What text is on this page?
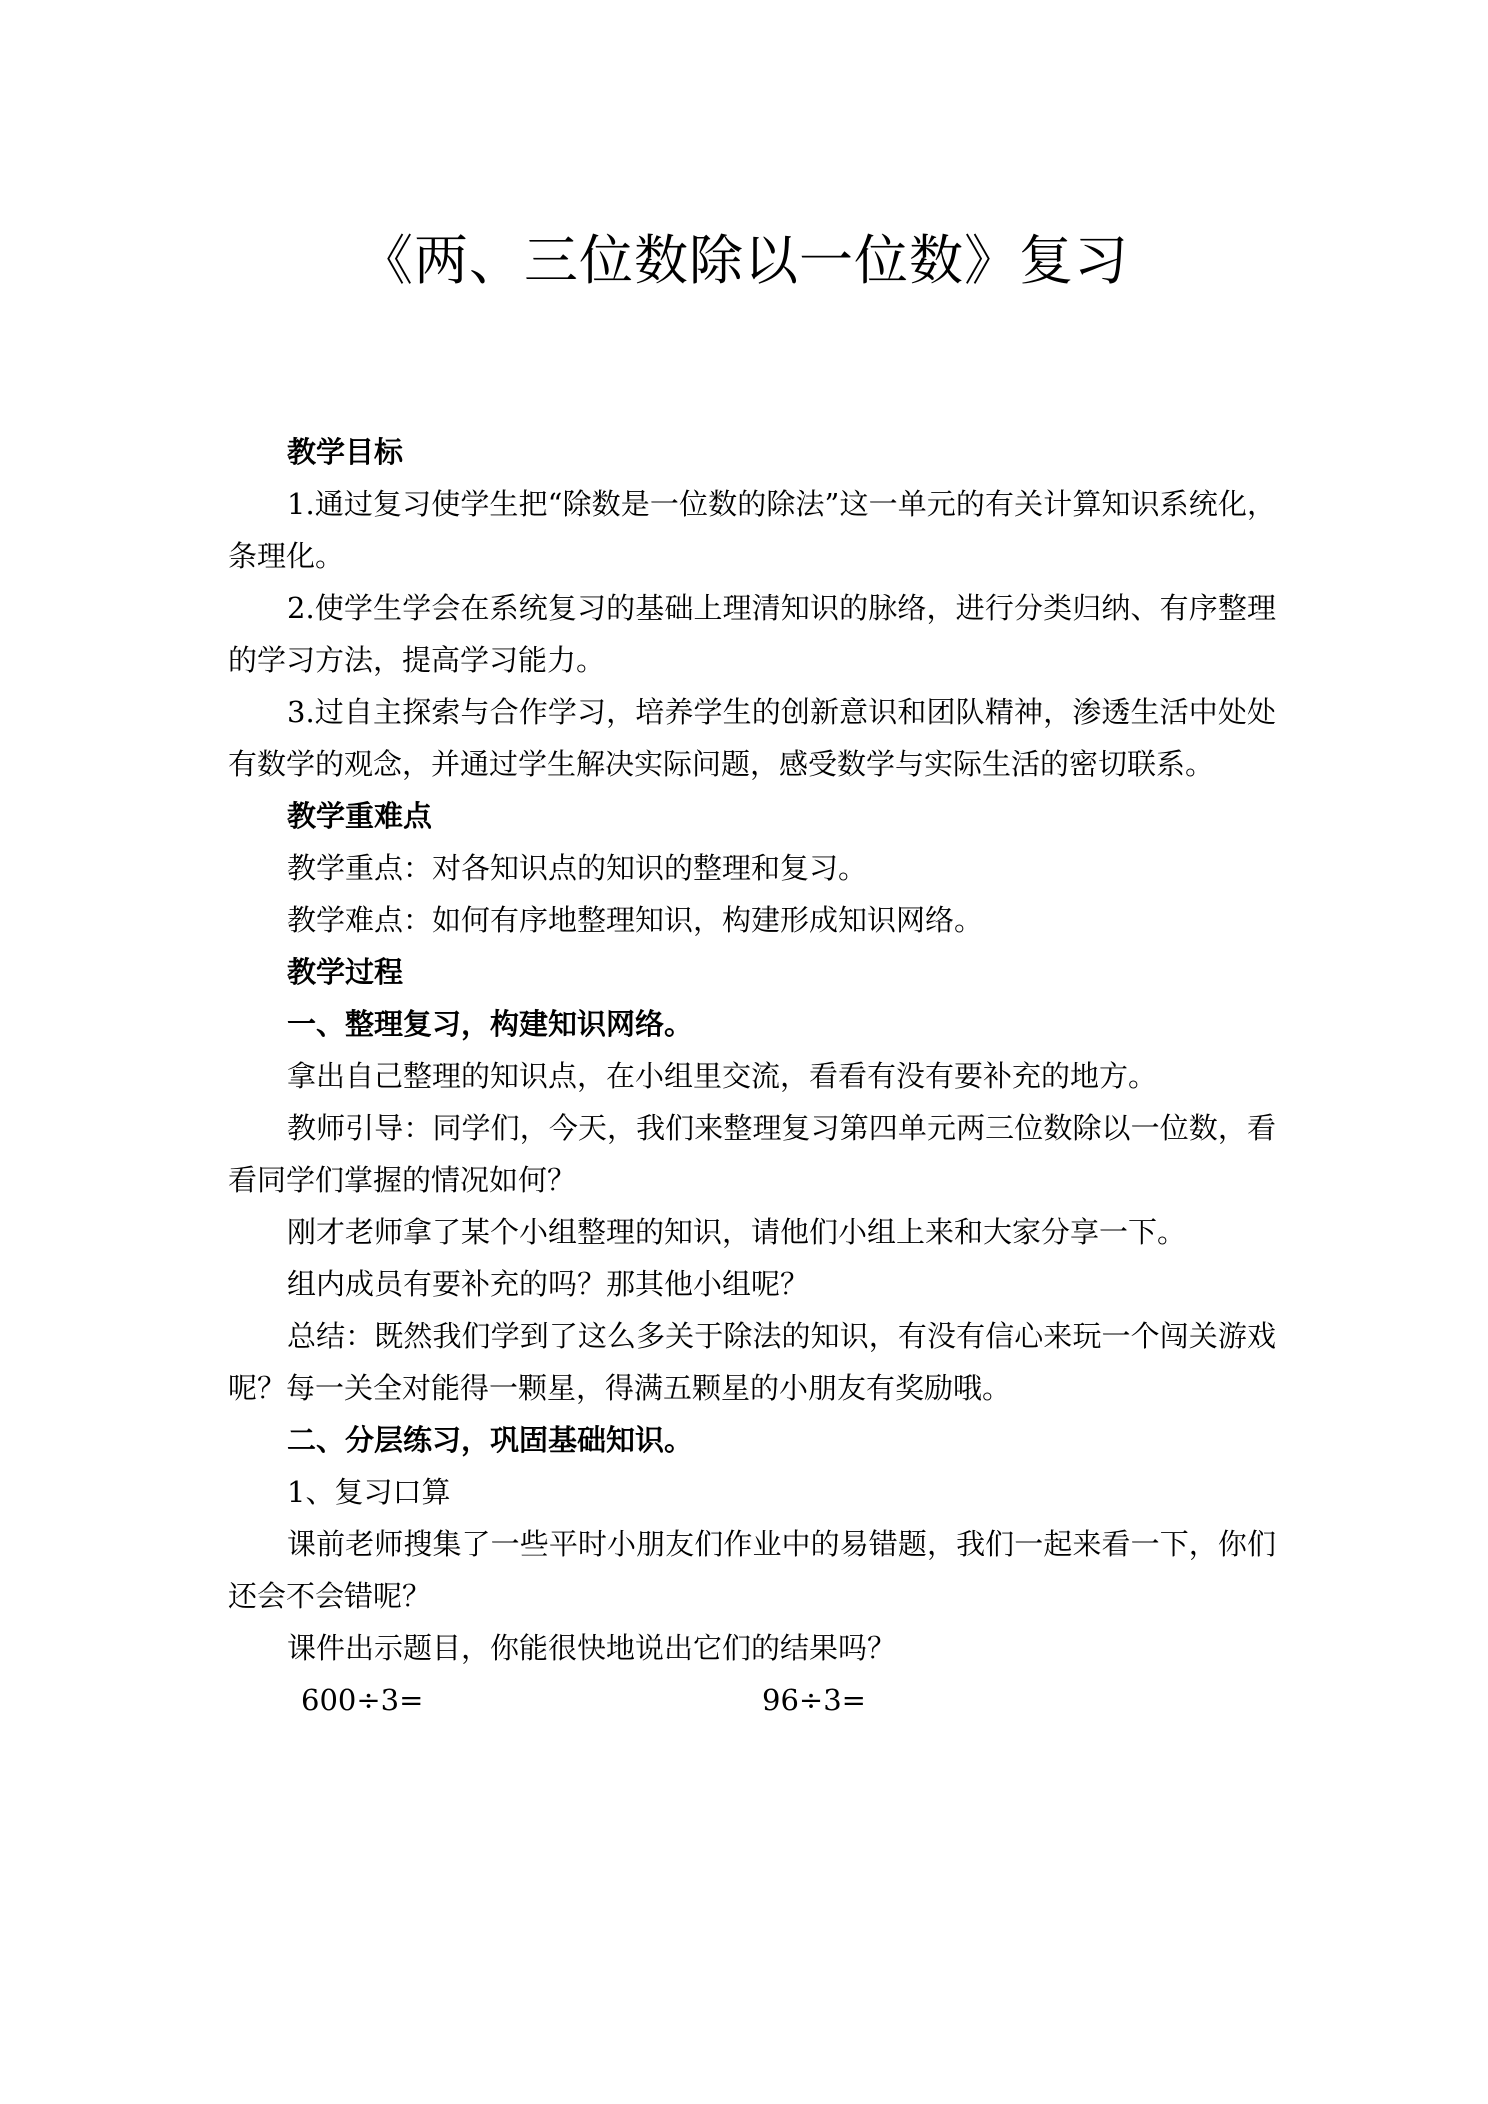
《两、三位数除以一位数》复习

教学目标

1.通过复习使学生把“除数是一位数的除法”这一单元的有关计算知识系统化，条理化。

2.使学生学会在系统复习的基础上理清知识的脉络，进行分类归纳、有序整理的学习方法，提高学习能力。

3.过自主探索与合作学习，培养学生的创新意识和团队精神，渗透生活中处处有数学的观念，并通过学生解决实际问题，感受数学与实际生活的密切联系。

教学重难点

教学重点：对各知识点的知识的整理和复习。

教学难点：如何有序地整理知识，构建形成知识网络。

教学过程

一、整理复习，构建知识网络。

拿出自己整理的知识点，在小组里交流，看看有没有要补充的地方。

教师引导：同学们，今天，我们来整理复习第四单元两三位数除以一位数，看看同学们掌握的情况如何？

刚才老师拿了某个小组整理的知识，请他们小组上来和大家分享一下。

组内成员有要补充的吗？那其他小组呢？

总结：既然我们学到了这么多关于除法的知识，有没有信心来玩一个闯关游戏呢？每一关全对能得一颗星，得满五颗星的小朋友有奖励哦。

二、分层练习，巩固基础知识。

1、复习口算

课前老师搜集了一些平时小朋友们作业中的易错题，我们一起来看一下，你们还会不会错呢？

课件出示题目，你能很快地说出它们的结果吗？

600÷3=	96÷3=
